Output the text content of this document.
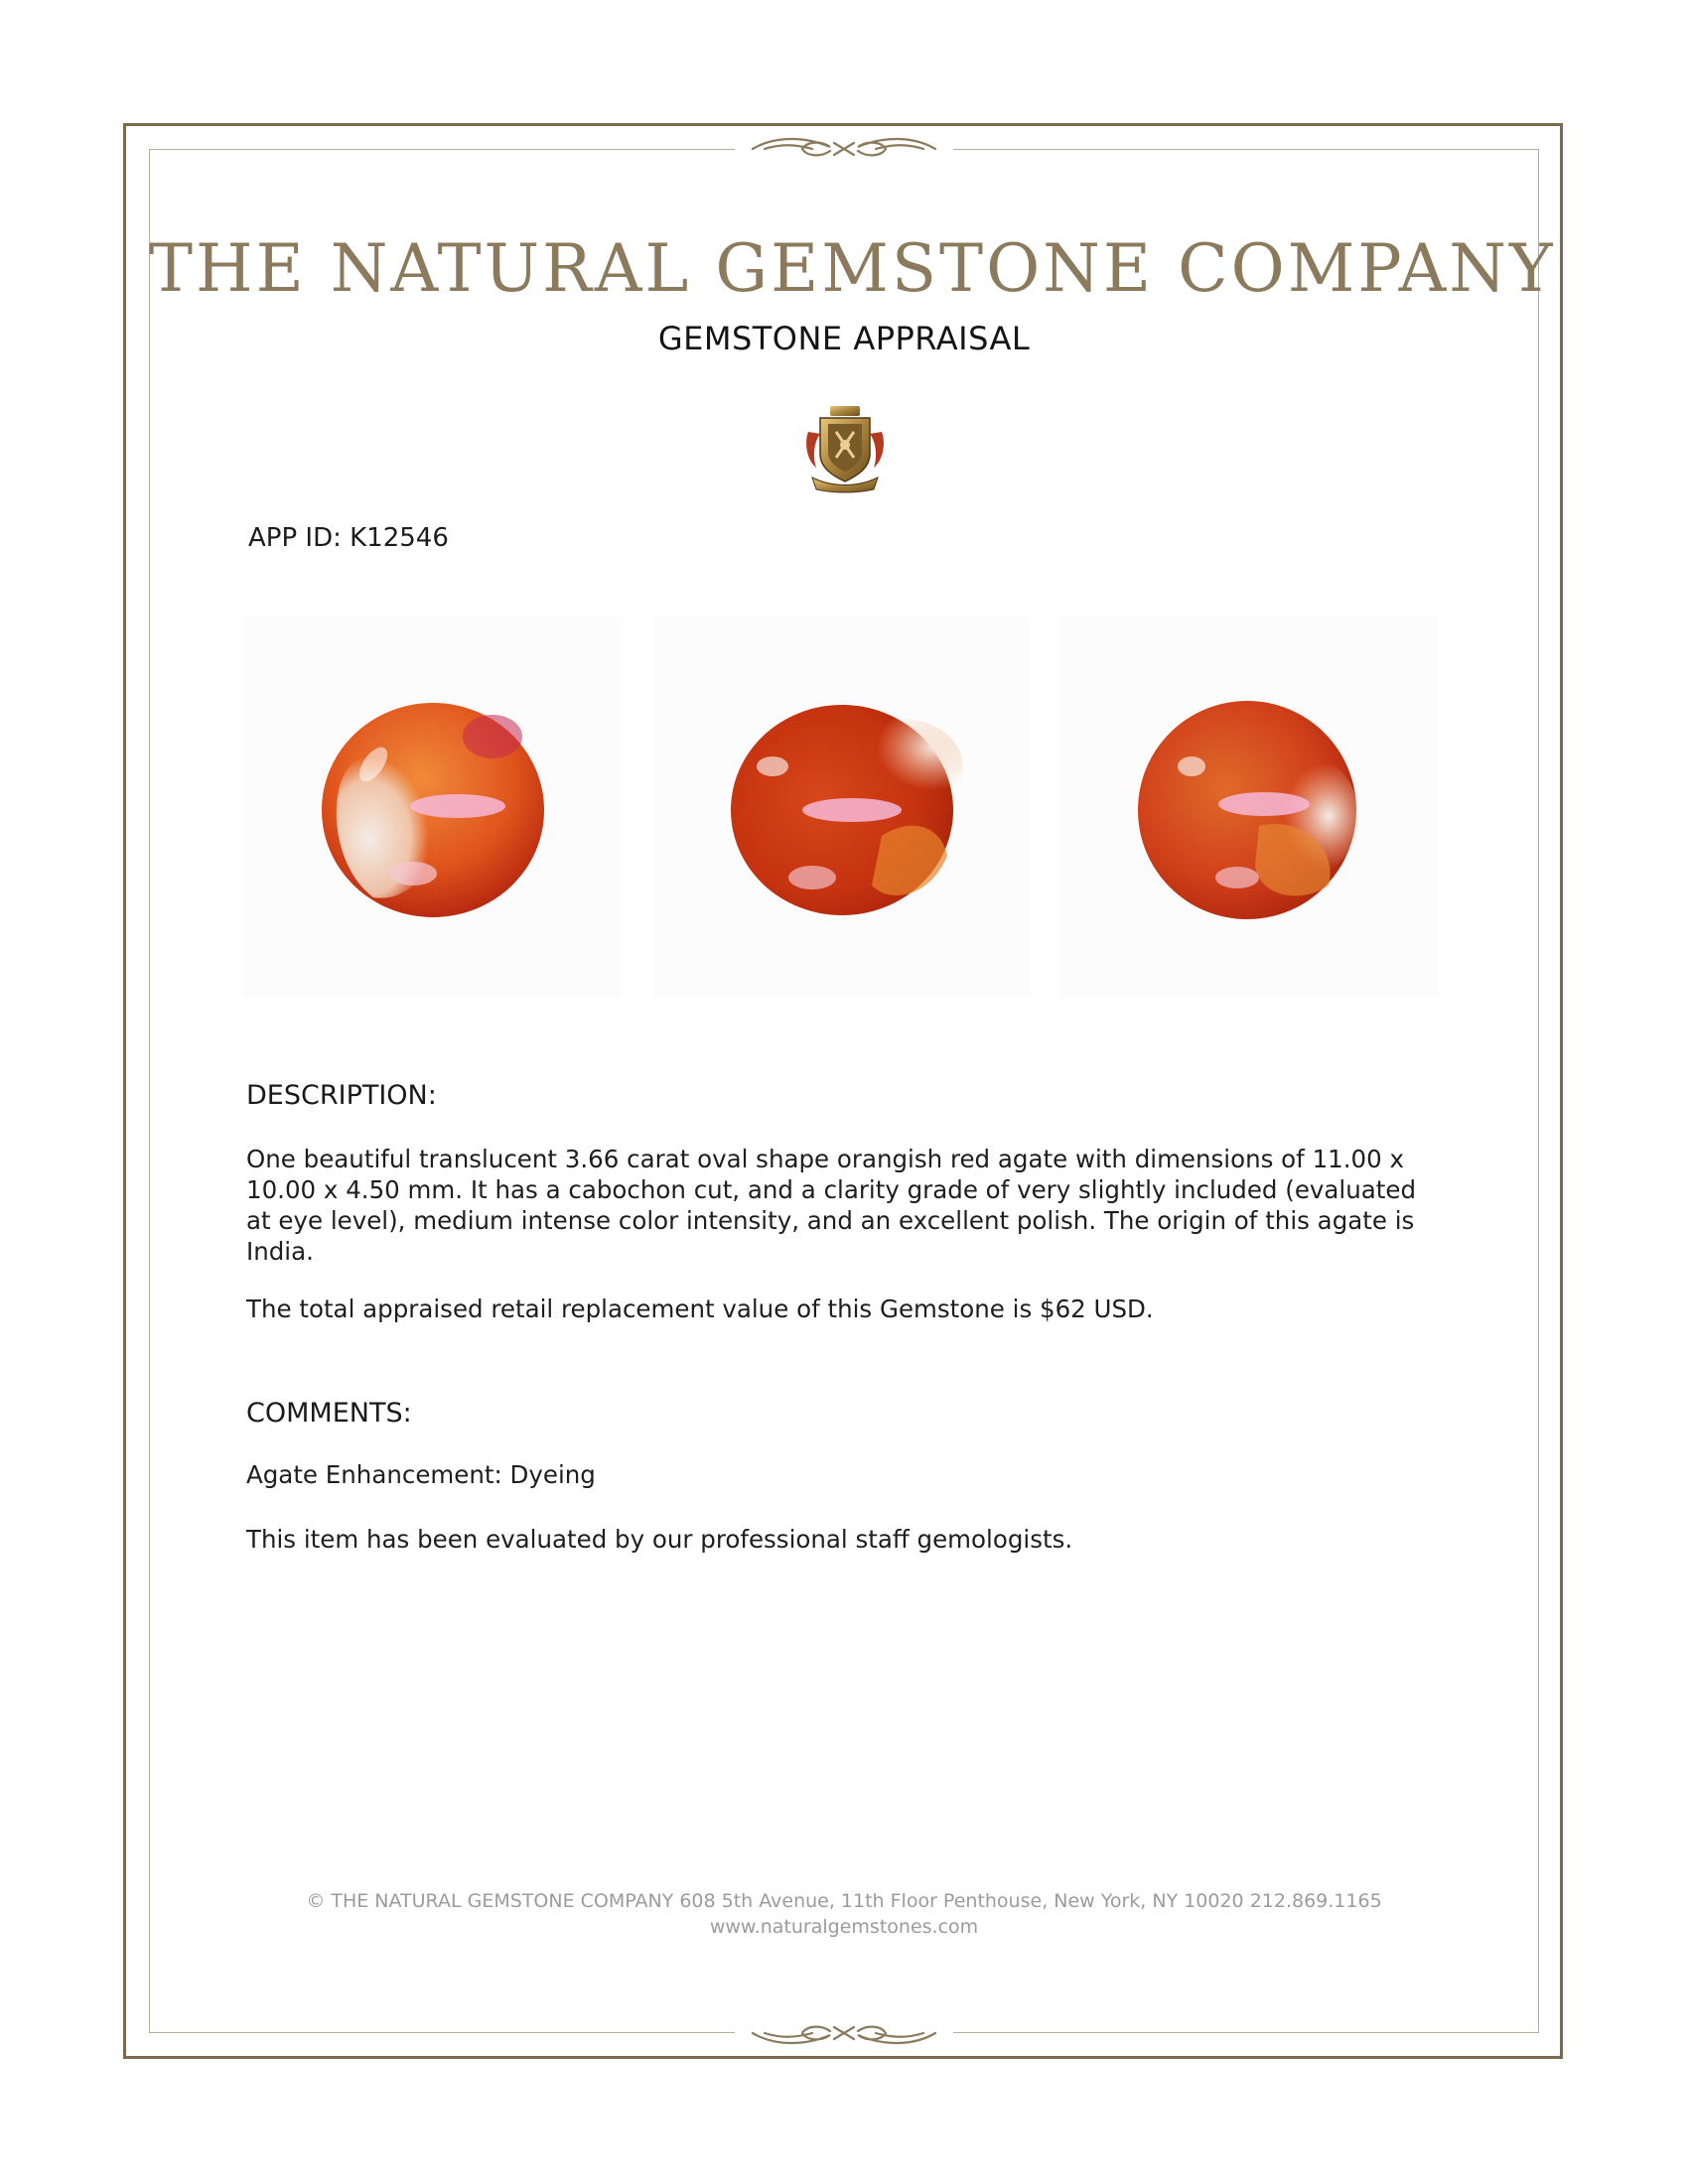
THE NATURAL GEMSTONE COMPANY
GEMSTONE APPRAISAL
APP ID: K12546
DESCRIPTION:

One beautiful translucent 3.66 carat oval shape orangish red agate with dimensions of 11.00 x 10.00 x 4.50 mm. It has a cabochon cut, and a clarity grade of very slightly included (evaluated at eye level), medium intense color intensity, and an excellent polish. The origin of this agate is India.

The total appraised retail replacement value of this Gemstone is $62 USD.

COMMENTS:

Agate Enhancement: Dyeing

This item has been evaluated by our professional staff gemologists.

© THE NATURAL GEMSTONE COMPANY 608 5th Avenue, 11th Floor Penthouse, New York, NY 10020 212.869.1165

www.naturalgemstones.com
